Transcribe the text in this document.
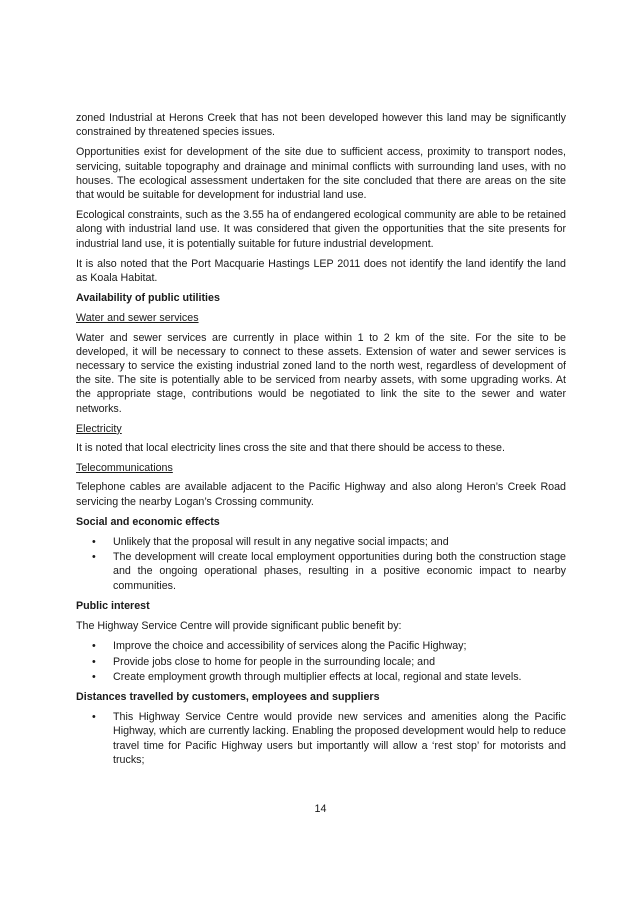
zoned Industrial at Herons Creek that has not been developed however this land may be significantly constrained by threatened species issues.

Opportunities exist for development of the site due to sufficient access, proximity to transport nodes, servicing, suitable topography and drainage and minimal conflicts with surrounding land uses, with no houses. The ecological assessment undertaken for the site concluded that there are areas on the site that would be suitable for development for industrial land use.

Ecological constraints, such as the 3.55 ha of endangered ecological community are able to be retained along with industrial land use. It was considered that given the opportunities that the site presents for industrial land use, it is potentially suitable for future industrial development.

It is also noted that the Port Macquarie Hastings LEP 2011 does not identify the land identify the land as Koala Habitat.

Availability of public utilities
Water and sewer services

Water and sewer services are currently in place within 1 to 2 km of the site. For the site to be developed, it will be necessary to connect to these assets. Extension of water and sewer services is necessary to service the existing industrial zoned land to the north west, regardless of development of the site. The site is potentially able to be serviced from nearby assets, with some upgrading works. At the appropriate stage, contributions would be negotiated to link the site to the sewer and water networks.

Electricity

It is noted that local electricity lines cross the site and that there should be access to these.

Telecommunications

Telephone cables are available adjacent to the Pacific Highway and also along Heron’s Creek Road servicing the nearby Logan’s Crossing community.

Social and economic effects
• Unlikely that the proposal will result in any negative social impacts; and
• The development will create local employment opportunities during both the construction stage and the ongoing operational phases, resulting in a positive economic impact to nearby communities.
Public interest

The Highway Service Centre will provide significant public benefit by:

• Improve the choice and accessibility of services along the Pacific Highway;
• Provide jobs close to home for people in the surrounding locale; and
• Create employment growth through multiplier effects at local, regional and state levels.
Distances travelled by customers, employees and suppliers
• This Highway Service Centre would provide new services and amenities along the Pacific Highway, which are currently lacking. Enabling the proposed development would help to reduce travel time for Pacific Highway users but importantly will allow a ‘rest stop’ for motorists and trucks;
14
